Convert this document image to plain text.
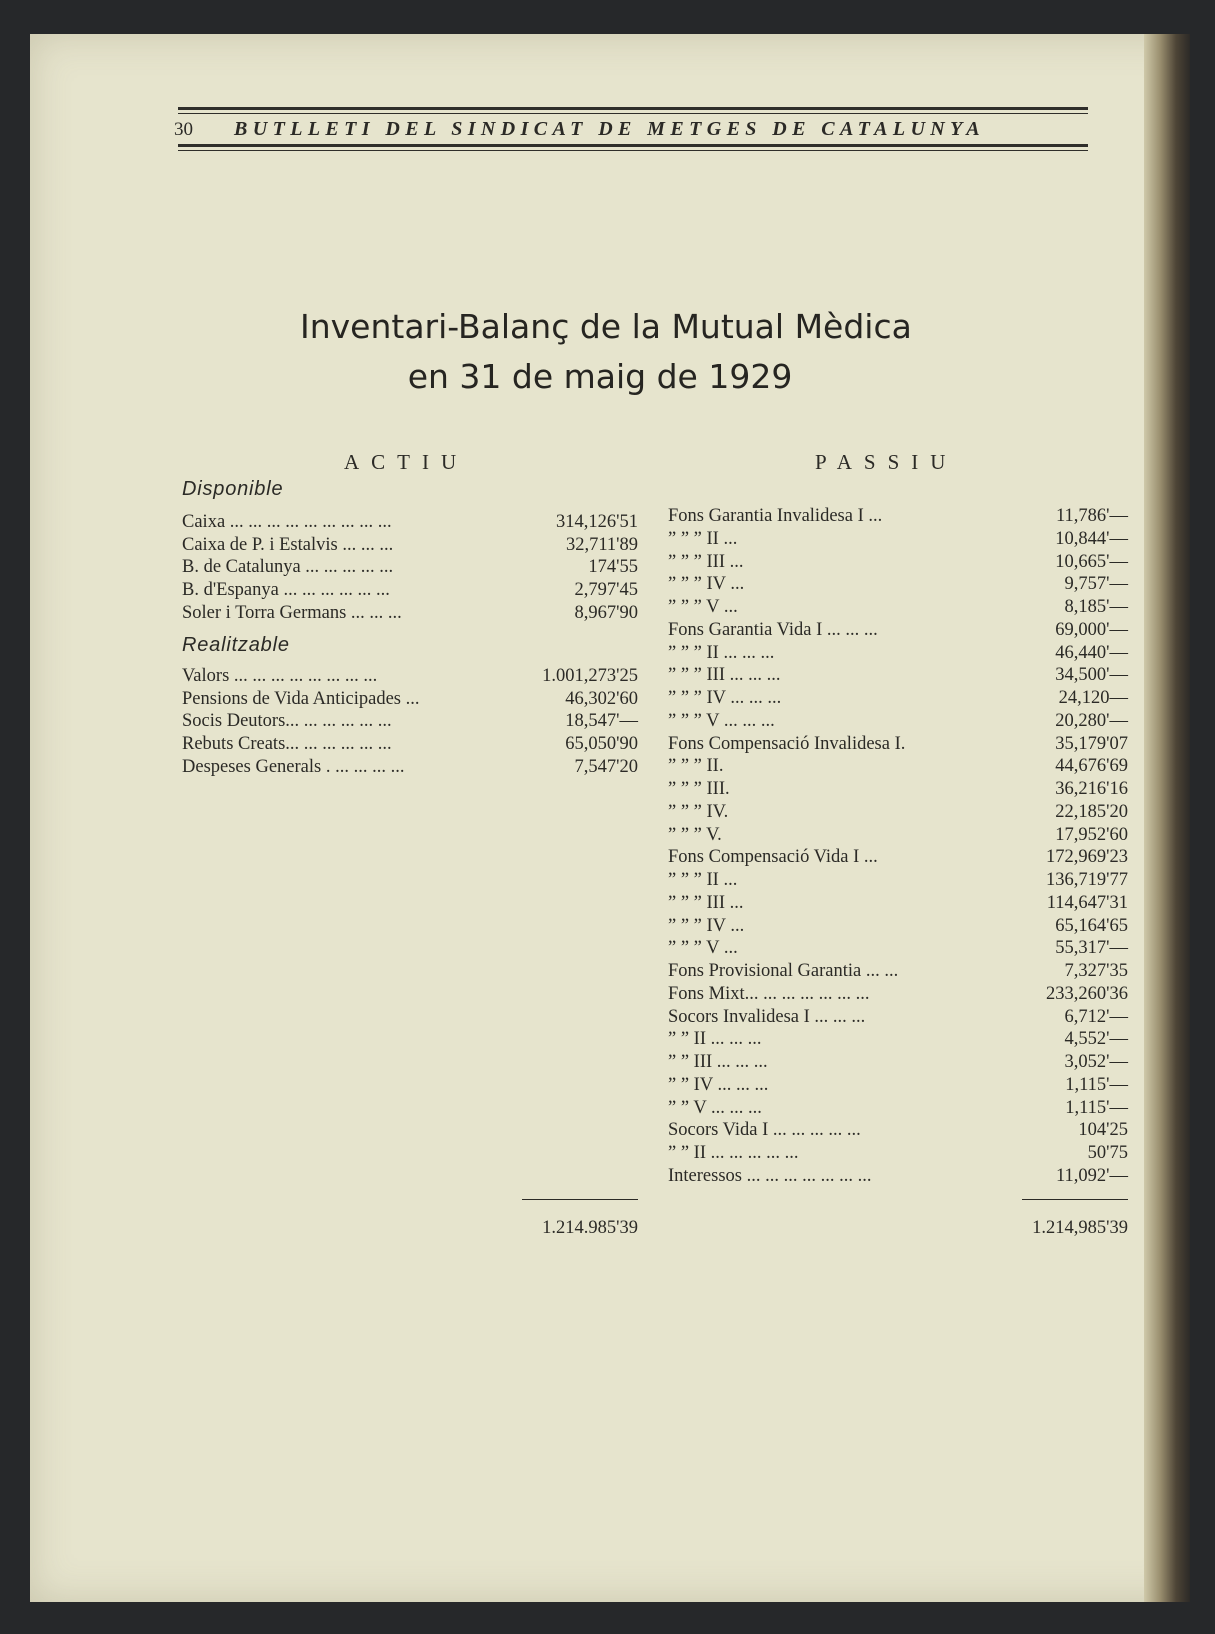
30 BUTLLETI DEL SINDICAT DE METGES DE CATALUNYA
Inventari-Balanç de la Mutual Mèdica
en 31 de maig de 1929
ACTIU	PASSIU
Disponible
Realitzable
Caixa ... ... ... ... ... ... ... ... ...	314,126'51
Caixa de P. i Estalvis ... ... ...	32,711'89
B. de Catalunya ... ... ... ... ...	174'55
B. d'Espanya ... ... ... ... ... ...	2,797'45
Soler i Torra Germans ... ... ...	8,967'90
Valors ... ... ... ... ... ... ... ...	1.001,273'25
Pensions de Vida Anticipades ...	46,302'60
Socis Deutors... ... ... ... ... ...	18,547'—
Rebuts Creats... ... ... ... ... ...	65,050'90
Despeses Generals . ... ... ... ...	7,547'20
Fons Garantia Invalidesa I ...	11,786'—
” ” ” II ...	10,844'—
” ” ” III ...	10,665'—
” ” ” IV ...	9,757'—
” ” ” V ...	8,185'—
Fons Garantia Vida I ... ... ...	69,000'—
” ” ” II ... ... ...	46,440'—
” ” ” III ... ... ...	34,500'—
” ” ” IV ... ... ...	24,120—
” ” ” V ... ... ...	20,280'—
Fons Compensació Invalidesa I.	35,179'07
” ” ” II.	44,676'69
” ” ” III.	36,216'16
” ” ” IV.	22,185'20
” ” ” V.	17,952'60
Fons Compensació Vida I ...	172,969'23
” ” ” II ...	136,719'77
” ” ” III ...	114,647'31
” ” ” IV ...	65,164'65
” ” ” V ...	55,317'—
Fons Provisional Garantia ... ...	7,327'35
Fons Mixt... ... ... ... ... ... ...	233,260'36
Socors Invalidesa I ... ... ...	6,712'—
” ” II ... ... ...	4,552'—
” ” III ... ... ...	3,052'—
” ” IV ... ... ...	1,115'—
” ” V ... ... ...	1,115'—
Socors Vida I ... ... ... ... ...	104'25
” ” II ... ... ... ... ...	50'75
Interessos ... ... ... ... ... ... ...	11,092'—
1.214.985'39	1.214,985'39
